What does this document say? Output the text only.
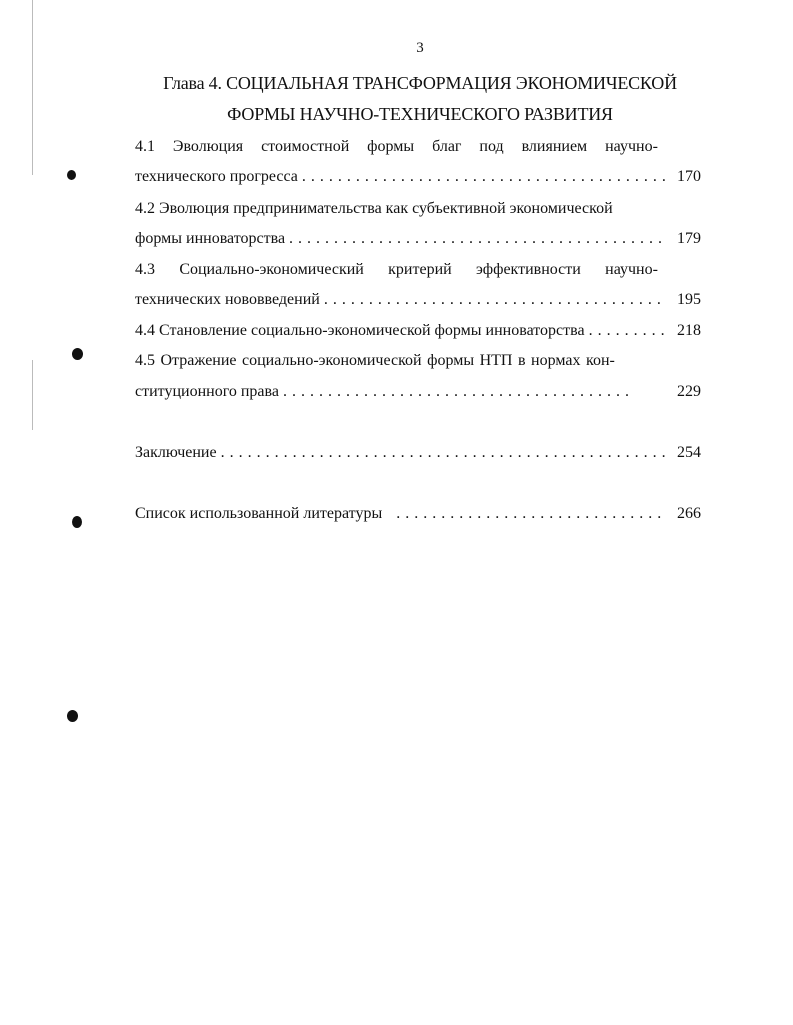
3
Глава 4. СОЦИАЛЬНАЯ ТРАНСФОРМАЦИЯ ЭКОНОМИЧЕСКОЙ
ФОРМЫ НАУЧНО-ТЕХНИЧЕСКОГО РАЗВИТИЯ
4.1 Эволюция стоимостной формы благ под влиянием научно-
технического прогресса . . .	170
4.2 Эволюция предпринимательства как субъективной экономической
формы инноваторства . . .	179
4.3 Социально-экономический критерий эффективности научно-
технических нововведений . . .	195
4.4 Становление социально-экономической формы инноваторства . . .	218
4.5 Отражение социально-экономической формы НТП в нормах кон-
ституционного права . . .	229
Заключение . . .	254
Список использованной литературы . . .	266
